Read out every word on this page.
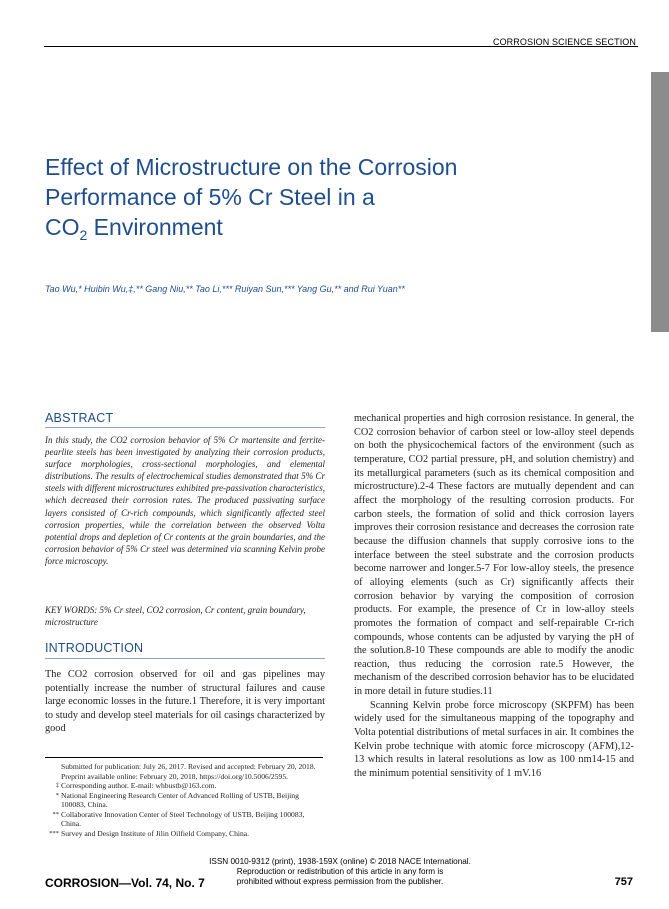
CORROSION SCIENCE SECTION
Effect of Microstructure on the Corrosion Performance of 5% Cr Steel in a
$CO_2$ Environment
Tao Wu,* Huibin Wu,‡,** Gang Niu,** Tao Li,*** Ruiyan Sun,*** Yang Gu,** and Rui Yuan**
ABSTRACT
In this study, the CO2 corrosion behavior of 5% Cr martensite and ferrite-pearlite steels has been investigated by analyzing their corrosion products, surface morphologies, cross-sectional morphologies, and elemental distributions. The results of electrochemical studies demonstrated that 5% Cr steels with different microstructures exhibited pre-passivation characteristics, which decreased their corrosion rates. The produced passivating surface layers consisted of Cr-rich compounds, which significantly affected steel corrosion properties, while the correlation between the observed Volta potential drops and depletion of Cr contents at the grain boundaries, and the corrosion behavior of 5% Cr steel was determined via scanning Kelvin probe force microscopy.
KEY WORDS: 5% Cr steel, CO2 corrosion, Cr content, grain boundary, microstructure
INTRODUCTION
The CO2 corrosion observed for oil and gas pipelines may potentially increase the number of structural failures and cause large economic losses in the future.1 Therefore, it is very important to study and develop steel materials for oil casings characterized by good

mechanical properties and high corrosion resistance. In general, the CO2 corrosion behavior of carbon steel or low-alloy steel depends on both the physicochemical factors of the environment (such as temperature, CO2 partial pressure, pH, and solution chemistry) and its metallurgical parameters (such as its chemical composition and microstructure).2-4 These factors are mutually dependent and can affect the morphology of the resulting corrosion products. For carbon steels, the formation of solid and thick corrosion layers improves their corrosion resistance and decreases the corrosion rate because the diffusion channels that supply corrosive ions to the interface between the steel substrate and the corrosion products become narrower and longer.5-7 For low-alloy steels, the presence of alloying elements (such as Cr) significantly affects their corrosion behavior by varying the composition of corrosion products. For example, the presence of Cr in low-alloy steels promotes the formation of compact and self-repairable Cr-rich compounds, whose contents can be adjusted by varying the pH of the solution.8-10 These compounds are able to modify the anodic reaction, thus reducing the corrosion rate.5 However, the mechanism of the described corrosion behavior has to be elucidated in more detail in future studies.11

Scanning Kelvin probe force microscopy (SKPFM) has been widely used for the simultaneous mapping of the topography and Volta potential distributions of metal surfaces in air. It combines the Kelvin probe technique with atomic force microscopy (AFM),12-13 which results in lateral resolutions as low as 100 nm14-15 and the minimum potential sensitivity of 1 mV.16

Submitted for publication: July 26, 2017. Revised and accepted: February 20, 2018. Preprint available online: February 20, 2018, https://doi.org/10.5006/2595.
‡ Corresponding author. E-mail: whbustb@163.com.
* National Engineering Research Center of Advanced Rolling of USTB, Beijing 100083, China.
** Collaborative Innovation Center of Steel Technology of USTB, Beijing 100083, China.
*** Survey and Design Institute of Jilin Oilfield Company, China.
ISSN 0010-9312 (print), 1938-159X (online) © 2018 NACE International.
Reproduction or redistribution of this article in any form is
prohibited without express permission from the publisher.
CORROSION—Vol. 74, No. 7	757
